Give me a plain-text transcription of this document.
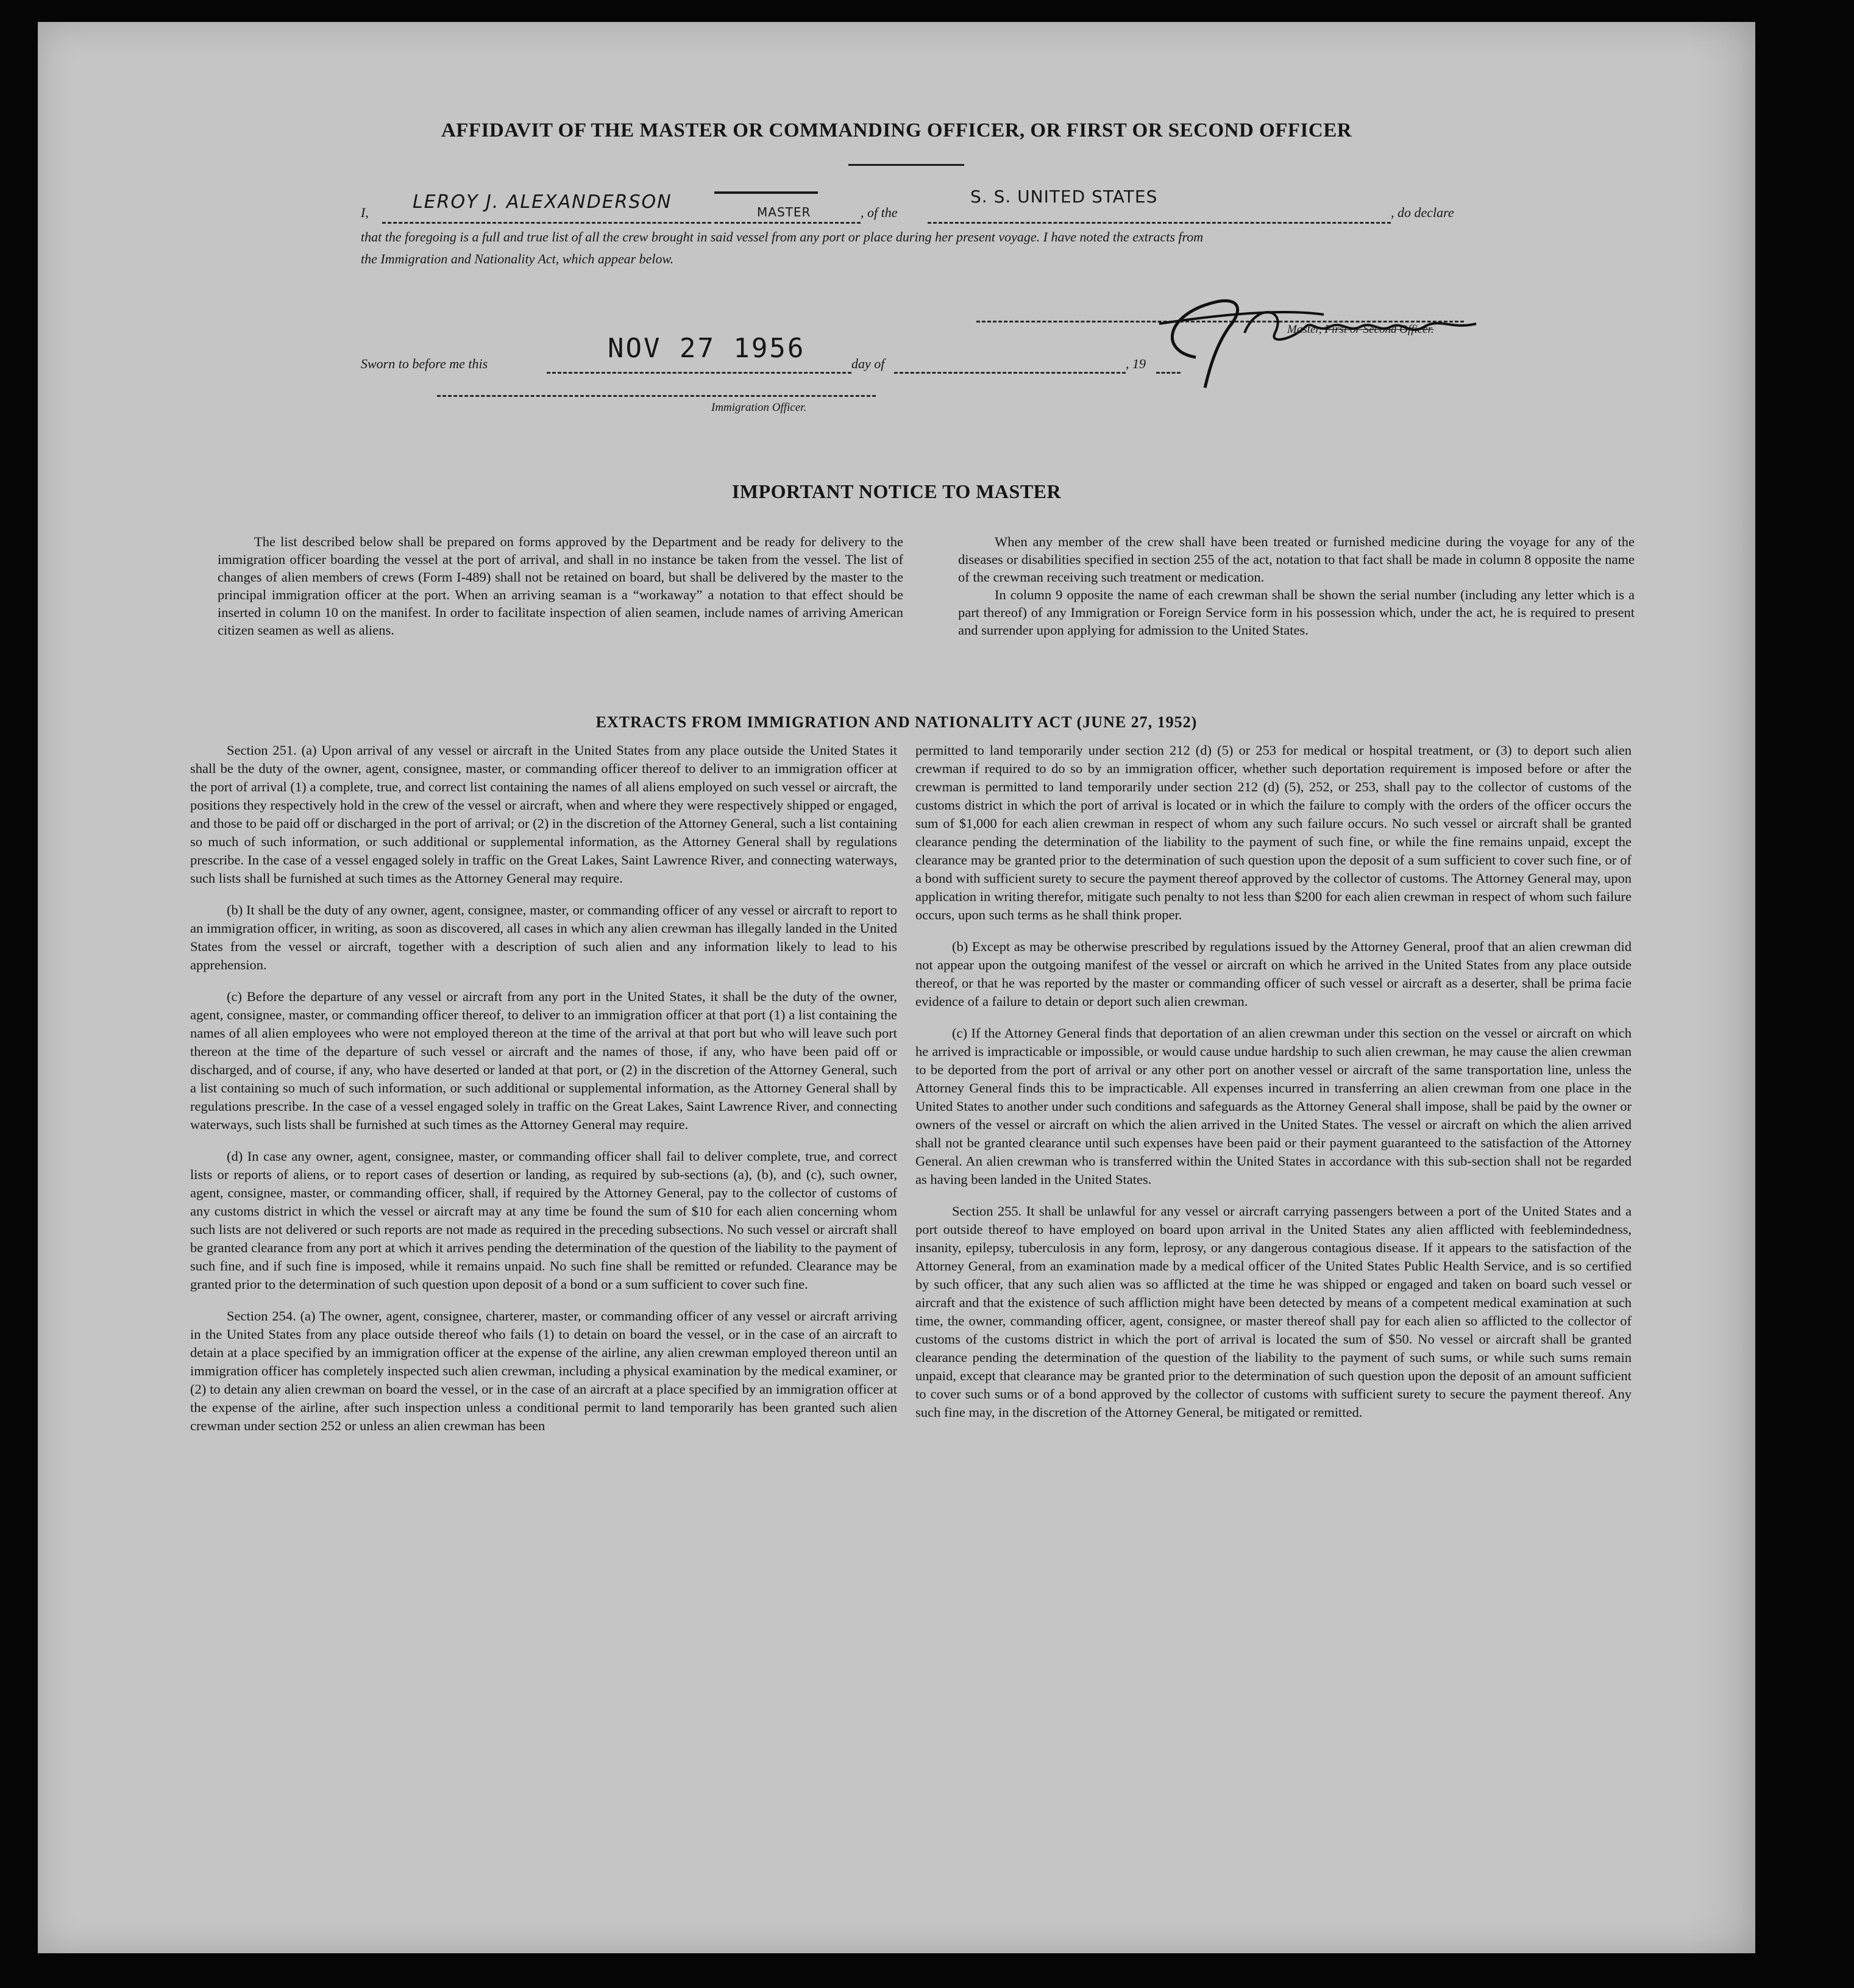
AFFIDAVIT OF THE MASTER OR COMMANDING OFFICER, OR FIRST OR SECOND OFFICER
I, LEROY J. ALEXANDERSON	MASTER	, of the
S. S. UNITED STATES
, do declare
that the foregoing is a full and true list of all the crew brought in said vessel from any port or place during her present voyage. I have noted the extracts from
the Immigration and Nationality Act, which appear below.
Master, First or Second Officer.
Sworn to before me this	NOV 27 1956	day of	, 19
Immigration Officer.
IMPORTANT NOTICE TO MASTER

The list described below shall be prepared on forms approved by the Department and be ready for delivery to the immigration officer boarding the vessel at the port of arrival, and shall in no instance be taken from the vessel. The list of changes of alien members of crews (Form I-489) shall not be retained on board, but shall be delivered by the master to the principal immigration officer at the port. When an arriving seaman is a “workaway” a notation to that effect should be inserted in column 10 on the manifest. In order to facilitate inspection of alien seamen, include names of arriving American citizen seamen as well as aliens.

When any member of the crew shall have been treated or furnished medicine during the voyage for any of the diseases or disabilities specified in section 255 of the act, notation to that fact shall be made in column 8 opposite the name of the crewman receiving such treatment or medication.

In column 9 opposite the name of each crewman shall be shown the serial number (including any letter which is a part thereof) of any Immigration or Foreign Service form in his possession which, under the act, he is required to present and surrender upon applying for admission to the United States.

EXTRACTS FROM IMMIGRATION AND NATIONALITY ACT (JUNE 27, 1952)

Section 251. (a) Upon arrival of any vessel or aircraft in the United States from any place outside the United States it shall be the duty of the owner, agent, consignee, master, or commanding officer thereof to deliver to an immigration officer at the port of arrival (1) a complete, true, and correct list containing the names of all aliens employed on such vessel or aircraft, the positions they respectively hold in the crew of the vessel or aircraft, when and where they were respectively shipped or engaged, and those to be paid off or discharged in the port of arrival; or (2) in the discretion of the Attorney General, such a list containing so much of such information, or such additional or supplemental information, as the Attorney General shall by regulations prescribe. In the case of a vessel engaged solely in traffic on the Great Lakes, Saint Lawrence River, and connecting waterways, such lists shall be furnished at such times as the Attorney General may require.

(b) It shall be the duty of any owner, agent, consignee, master, or commanding officer of any vessel or aircraft to report to an immigration officer, in writing, as soon as discovered, all cases in which any alien crewman has illegally landed in the United States from the vessel or aircraft, together with a description of such alien and any information likely to lead to his apprehension.

(c) Before the departure of any vessel or aircraft from any port in the United States, it shall be the duty of the owner, agent, consignee, master, or commanding officer thereof, to deliver to an immigration officer at that port (1) a list containing the names of all alien employees who were not employed thereon at the time of the arrival at that port but who will leave such port thereon at the time of the departure of such vessel or aircraft and the names of those, if any, who have been paid off or discharged, and of course, if any, who have deserted or landed at that port, or (2) in the discretion of the Attorney General, such a list containing so much of such information, or such additional or supplemental information, as the Attorney General shall by regulations prescribe. In the case of a vessel engaged solely in traffic on the Great Lakes, Saint Lawrence River, and connecting waterways, such lists shall be furnished at such times as the Attorney General may require.

(d) In case any owner, agent, consignee, master, or commanding officer shall fail to deliver complete, true, and correct lists or reports of aliens, or to report cases of desertion or landing, as required by sub-sections (a), (b), and (c), such owner, agent, consignee, master, or commanding officer, shall, if required by the Attorney General, pay to the collector of customs of any customs district in which the vessel or aircraft may at any time be found the sum of $10 for each alien concerning whom such lists are not delivered or such reports are not made as required in the preceding subsections. No such vessel or aircraft shall be granted clearance from any port at which it arrives pending the determination of the question of the liability to the payment of such fine, and if such fine is imposed, while it remains unpaid. No such fine shall be remitted or refunded. Clearance may be granted prior to the determination of such question upon deposit of a bond or a sum sufficient to cover such fine.

Section 254. (a) The owner, agent, consignee, charterer, master, or commanding officer of any vessel or aircraft arriving in the United States from any place outside thereof who fails (1) to detain on board the vessel, or in the case of an aircraft to detain at a place specified by an immigration officer at the expense of the airline, any alien crewman employed thereon until an immigration officer has completely inspected such alien crewman, including a physical examination by the medical examiner, or (2) to detain any alien crewman on board the vessel, or in the case of an aircraft at a place specified by an immigration officer at the expense of the airline, after such inspection unless a conditional permit to land temporarily has been granted such alien crewman under section 252 or unless an alien crewman has been

permitted to land temporarily under section 212 (d) (5) or 253 for medical or hospital treatment, or (3) to deport such alien crewman if required to do so by an immigration officer, whether such deportation requirement is imposed before or after the crewman is permitted to land temporarily under section 212 (d) (5), 252, or 253, shall pay to the collector of customs of the customs district in which the port of arrival is located or in which the failure to comply with the orders of the officer occurs the sum of $1,000 for each alien crewman in respect of whom any such failure occurs. No such vessel or aircraft shall be granted clearance pending the determination of the liability to the payment of such fine, or while the fine remains unpaid, except the clearance may be granted prior to the determination of such question upon the deposit of a sum sufficient to cover such fine, or of a bond with sufficient surety to secure the payment thereof approved by the collector of customs. The Attorney General may, upon application in writing therefor, mitigate such penalty to not less than $200 for each alien crewman in respect of whom such failure occurs, upon such terms as he shall think proper.

(b) Except as may be otherwise prescribed by regulations issued by the Attorney General, proof that an alien crewman did not appear upon the outgoing manifest of the vessel or aircraft on which he arrived in the United States from any place outside thereof, or that he was reported by the master or commanding officer of such vessel or aircraft as a deserter, shall be prima facie evidence of a failure to detain or deport such alien crewman.

(c) If the Attorney General finds that deportation of an alien crewman under this section on the vessel or aircraft on which he arrived is impracticable or impossible, or would cause undue hardship to such alien crewman, he may cause the alien crewman to be deported from the port of arrival or any other port on another vessel or aircraft of the same transportation line, unless the Attorney General finds this to be impracticable. All expenses incurred in transferring an alien crewman from one place in the United States to another under such conditions and safeguards as the Attorney General shall impose, shall be paid by the owner or owners of the vessel or aircraft on which the alien arrived in the United States. The vessel or aircraft on which the alien arrived shall not be granted clearance until such expenses have been paid or their payment guaranteed to the satisfaction of the Attorney General. An alien crewman who is transferred within the United States in accordance with this sub-section shall not be regarded as having been landed in the United States.

Section 255. It shall be unlawful for any vessel or aircraft carrying passengers between a port of the United States and a port outside thereof to have employed on board upon arrival in the United States any alien afflicted with feeblemindedness, insanity, epilepsy, tuberculosis in any form, leprosy, or any dangerous contagious disease. If it appears to the satisfaction of the Attorney General, from an examination made by a medical officer of the United States Public Health Service, and is so certified by such officer, that any such alien was so afflicted at the time he was shipped or engaged and taken on board such vessel or aircraft and that the existence of such affliction might have been detected by means of a competent medical examination at such time, the owner, commanding officer, agent, consignee, or master thereof shall pay for each alien so afflicted to the collector of customs of the customs district in which the port of arrival is located the sum of $50. No vessel or aircraft shall be granted clearance pending the determination of the question of the liability to the payment of such sums, or while such sums remain unpaid, except that clearance may be granted prior to the determination of such question upon the deposit of an amount sufficient to cover such sums or of a bond approved by the collector of customs with sufficient surety to secure the payment thereof. Any such fine may, in the discretion of the Attorney General, be mitigated or remitted.
